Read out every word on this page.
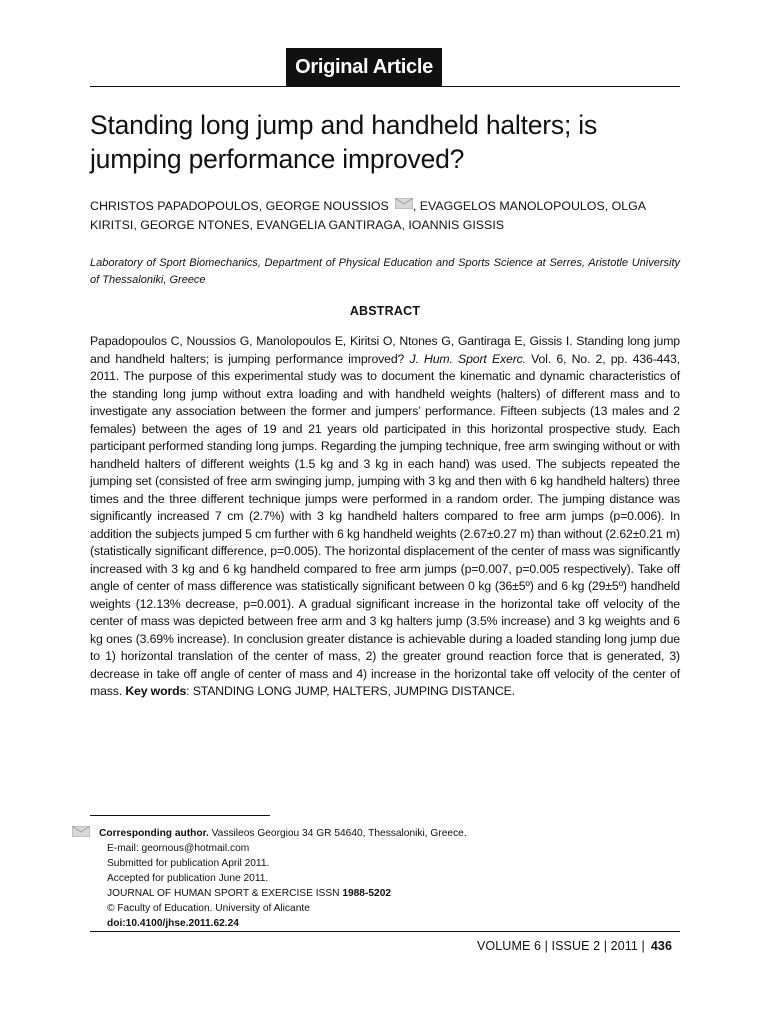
Original Article
Standing long jump and handheld halters; is jumping performance improved?
CHRISTOS PAPADOPOULOS, GEORGE NOUSSIOS , EVAGGELOS MANOLOPOULOS, OLGA KIRITSI, GEORGE NTONES, EVANGELIA GANTIRAGA, IOANNIS GISSIS
Laboratory of Sport Biomechanics, Department of Physical Education and Sports Science at Serres, Aristotle University of Thessaloniki, Greece
ABSTRACT
Papadopoulos C, Noussios G, Manolopoulos E, Kiritsi O, Ntones G, Gantiraga E, Gissis I. Standing long jump and handheld halters; is jumping performance improved? J. Hum. Sport Exerc. Vol. 6, No. 2, pp. 436-443, 2011. The purpose of this experimental study was to document the kinematic and dynamic characteristics of the standing long jump without extra loading and with handheld weights (halters) of different mass and to investigate any association between the former and jumpers’ performance. Fifteen subjects (13 males and 2 females) between the ages of 19 and 21 years old participated in this horizontal prospective study. Each participant performed standing long jumps. Regarding the jumping technique, free arm swinging without or with handheld halters of different weights (1.5 kg and 3 kg in each hand) was used. The subjects repeated the jumping set (consisted of free arm swinging jump, jumping with 3 kg and then with 6 kg handheld halters) three times and the three different technique jumps were performed in a random order. The jumping distance was significantly increased 7 cm (2.7%) with 3 kg handheld halters compared to free arm jumps (p=0.006). In addition the subjects jumped 5 cm further with 6 kg handheld weights (2.67±0.27 m) than without (2.62±0.21 m) (statistically significant difference, p=0.005). The horizontal displacement of the center of mass was significantly increased with 3 kg and 6 kg handheld compared to free arm jumps (p=0.007, p=0.005 respectively). Take off angle of center of mass difference was statistically significant between 0 kg (36±5º) and 6 kg (29±5º) handheld weights (12.13% decrease, p=0.001). A gradual significant increase in the horizontal take off velocity of the center of mass was depicted between free arm and 3 kg halters jump (3.5% increase) and 3 kg weights and 6 kg ones (3.69% increase). In conclusion greater distance is achievable during a loaded standing long jump due to 1) horizontal translation of the center of mass, 2) the greater ground reaction force that is generated, 3) decrease in take off angle of center of mass and 4) increase in the horizontal take off velocity of the center of mass. Key words: STANDING LONG JUMP, HALTERS, JUMPING DISTANCE.
Corresponding author. Vassileos Georgiou 34 GR 54640, Thessaloniki, Greece.
E-mail: geornous@hotmail.com
Submitted for publication April 2011.
Accepted for publication June 2011.
JOURNAL OF HUMAN SPORT & EXERCISE ISSN 1988-5202
© Faculty of Education. University of Alicante
doi:10.4100/jhse.2011.62.24
VOLUME 6 | ISSUE 2 | 2011 | 436
